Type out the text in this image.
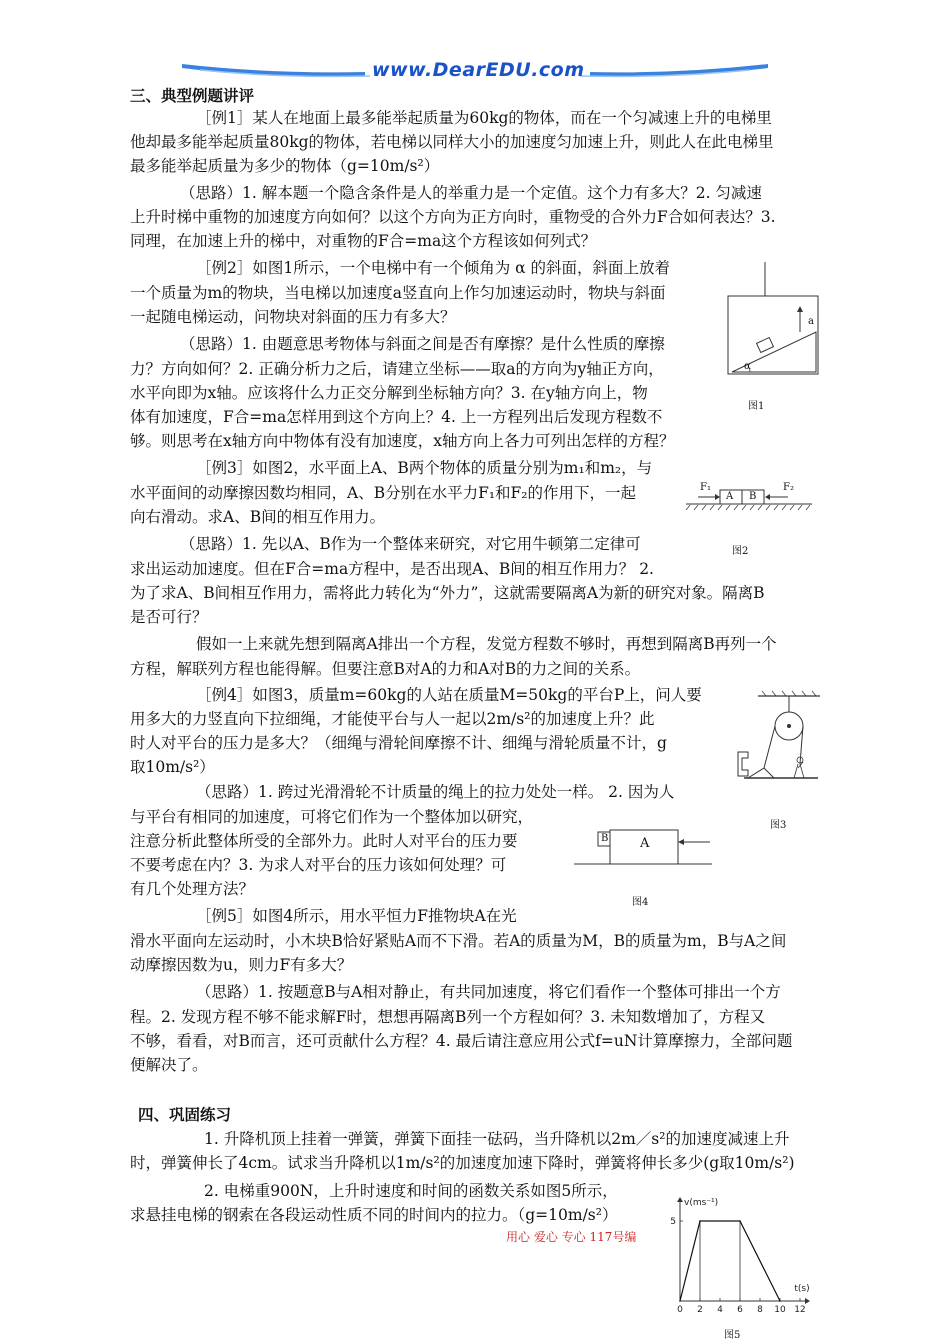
www.DearEDU.com
三、典型例题讲评
［例1］某人在地面上最多能举起质量为60kg的物体，而在一个匀减速上升的电梯里
他却最多能举起质量80kg的物体，若电梯以同样大小的加速度匀加速上升，则此人在此电梯里
最多能举起质量为多少的物体（g=10m/s²）
（思路）1. 解本题一个隐含条件是人的举重力是一个定值。这个力有多大？2. 匀减速
上升时梯中重物的加速度方向如何？以这个方向为正方向时，重物受的合外力F合如何表达？3.
同理，在加速上升的梯中，对重物的F合=ma这个方程该如何列式？
［例2］如图1所示，一个电梯中有一个倾角为 α 的斜面，斜面上放着
一个质量为m的物块，当电梯以加速度a竖直向上作匀加速运动时，物块与斜面
一起随电梯运动，问物块对斜面的压力有多大？
（思路）1. 由题意思考物体与斜面之间是否有摩擦？是什么性质的摩擦
力？方向如何？2. 正确分析力之后，请建立坐标——取a的方向为y轴正方向，
水平向即为x轴。应该将什么力正交分解到坐标轴方向？3. 在y轴方向上，物
体有加速度，F合=ma怎样用到这个方向上？4. 上一方程列出后发现方程数不
够。则思考在x轴方向中物体有没有加速度，x轴方向上各力可列出怎样的方程？
a
α
图1
［例3］如图2，水平面上A、B两个物体的质量分别为m₁和m₂，与
水平面间的动摩擦因数均相同，A、B分别在水平力F₁和F₂的作用下，一起
向右滑动。求A、B间的相互作用力。
F₁	F₂
A B
图2
（思路）1. 先以A、B作为一个整体来研究，对它用牛顿第二定律可
求出运动加速度。但在F合=ma方程中，是否出现A、B间的相互作用力？ 2.
为了求A、B间相互作用力，需将此力转化为“外力”，这就需要隔离A为新的研究对象。隔离B
是否可行？
假如一上来就先想到隔离A排出一个方程，发觉方程数不够时，再想到隔离B再列一个
方程，解联列方程也能得解。但要注意B对A的力和A对B的力之间的关系。
［例4］如图3，质量m=60kg的人站在质量M=50kg的平台P上，问人要
用多大的力竖直向下拉细绳，才能使平台与人一起以2m/s²的加速度上升？此
时人对平台的压力是多大？（细绳与滑轮间摩擦不计、细绳与滑轮质量不计，g
取10m/s²）
图3
（思路）1. 跨过光滑滑轮不计质量的绳上的拉力处处一样。 2. 因为人
与平台有相同的加速度，可将它们作为一个整体加以研究，
注意分析此整体所受的全部外力。此时人对平台的压力要
不要考虑在内？3. 为求人对平台的压力该如何处理？可
有几个处理方法？
B A
图4
［例5］如图4所示，用水平恒力F推物块A在光
滑水平面向左运动时，小木块B恰好紧贴A而不下滑。若A的质量为M，B的质量为m，B与A之间
动摩擦因数为u，则力F有多大？
（思路）1. 按题意B与A相对静止，有共同加速度，将它们看作一个整体可排出一个方
程。2. 发现方程不够不能求解F时，想想再隔离B列一个方程如何？3. 未知数增加了，方程又
不够，看看，对B而言，还可贡献什么方程？4. 最后请注意应用公式f=uN计算摩擦力，全部问题
便解决了。
四、巩固练习
1. 升降机顶上挂着一弹簧，弹簧下面挂一砝码，当升降机以2m／s²的加速度减速上升
时，弹簧伸长了4cm。试求当升降机以1m/s²的加速度加速下降时，弹簧将伸长多少(g取10m/s²)
2. 电梯重900N，上升时速度和时间的函数关系如图5所示，
求悬挂电梯的钢索在各段运动性质不同的时间内的拉力。（g=10m/s²）
用心 爱心 专心 117号编
0 2 4 6 8 10 12
5
v(ms⁻¹)
t(s)
图5
